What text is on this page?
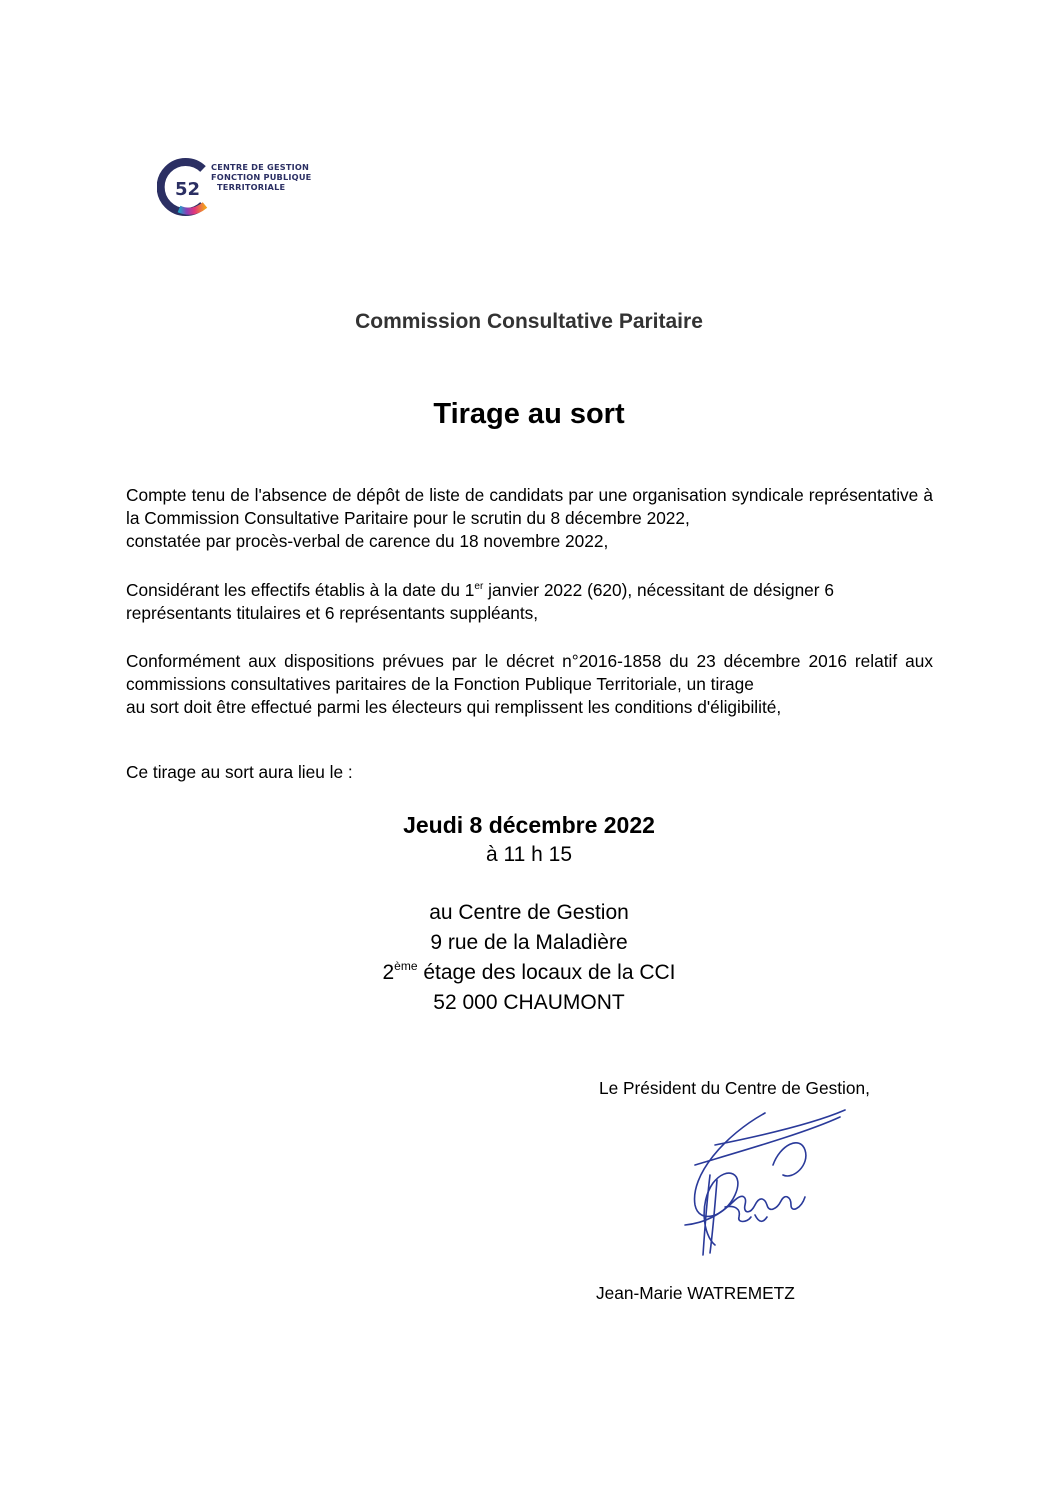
52
CENTRE DE GESTION
FONCTION PUBLIQUE
TERRITORIALE
Commission Consultative Paritaire
Tirage au sort
Compte tenu de l'absence de dépôt de liste de candidats par une organisation syndicale représentative à la Commission Consultative Paritaire pour le scrutin du 8 décembre 2022,
constatée par procès-verbal de carence du 18 novembre 2022,
Considérant les effectifs établis à la date du 1er janvier 2022 (620), nécessitant de désigner 6
représentants titulaires et 6 représentants suppléants,
Conformément aux dispositions prévues par le décret n°2016-1858 du 23 décembre 2016 relatif aux commissions consultatives paritaires de la Fonction Publique Territoriale, un tirage
au sort doit être effectué parmi les électeurs qui remplissent les conditions d'éligibilité,
Ce tirage au sort aura lieu le :
Jeudi 8 décembre 2022
à 11 h 15
au Centre de Gestion
9 rue de la Maladière
2ème étage des locaux de la CCI
52 000 CHAUMONT
Le Président du Centre de Gestion,
Jean-Marie WATREMETZ
